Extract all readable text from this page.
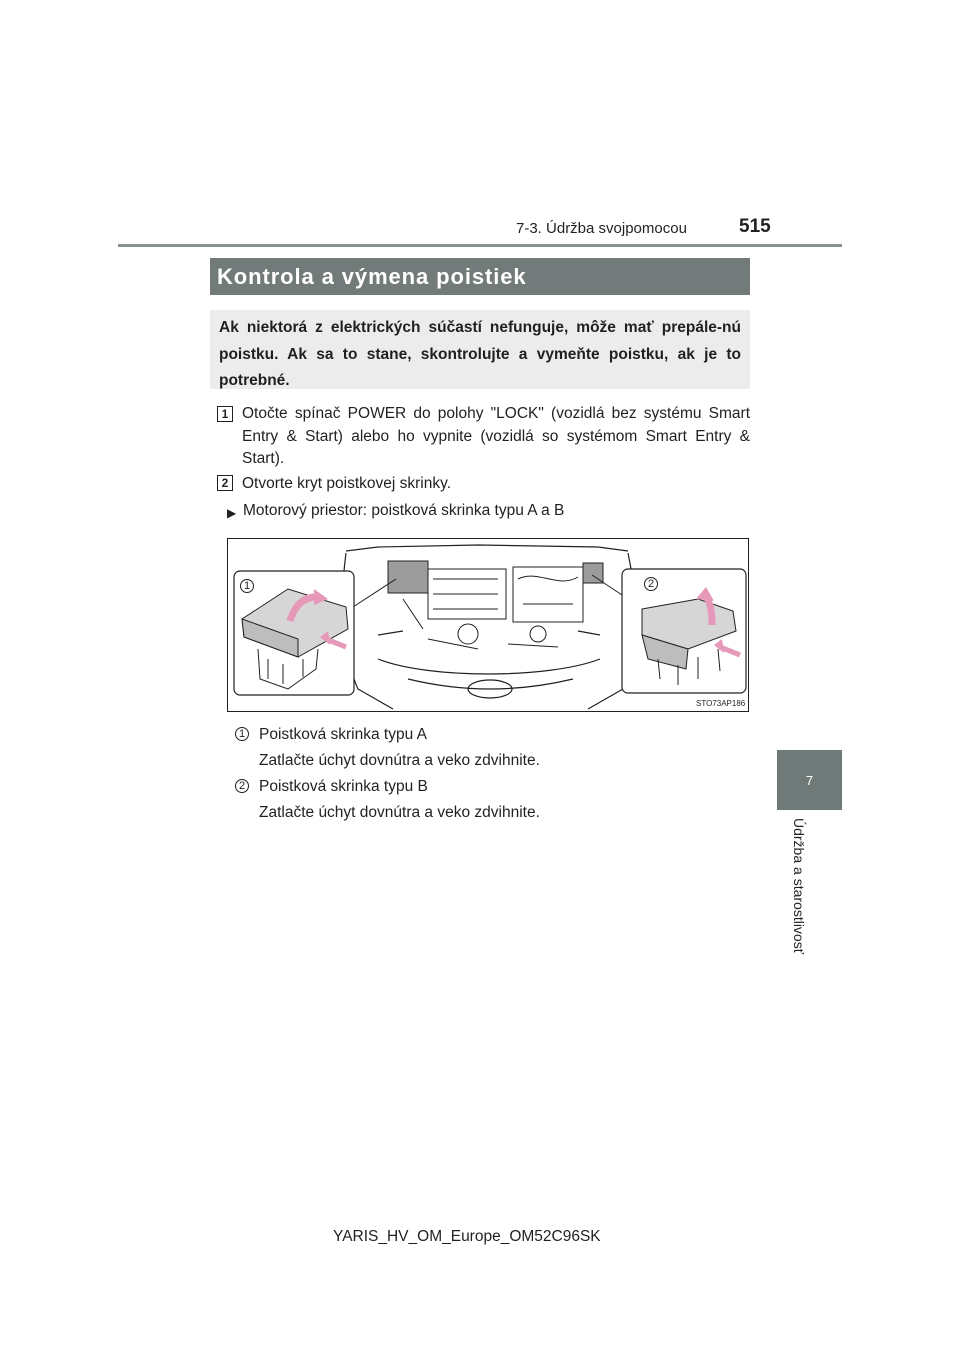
7-3. Údržba svojpomocou	515
7
Údržba a starostlivosť
Kontrola a výmena poistiek
Ak niektorá z elektrických súčastí nefunguje, môže mať prepále-nú poistku. Ak sa to stane, skontrolujte a vymeňte poistku, ak je to potrebné.
1 Otočte spínač POWER do polohy "LOCK" (vozidlá bez systému Smart Entry & Start) alebo ho vypnite (vozidlá so systémom Smart Entry & Start).
2 Otvorte kryt poistkovej skrinky.
▶ Motorový priestor: poistková skrinka typu A a B
1	2
STO73AP186
1 Poistková skrinka typu A
Zatlačte úchyt dovnútra a veko zdvihnite.
2 Poistková skrinka typu B
Zatlačte úchyt dovnútra a veko zdvihnite.
YARIS_HV_OM_Europe_OM52C96SK
